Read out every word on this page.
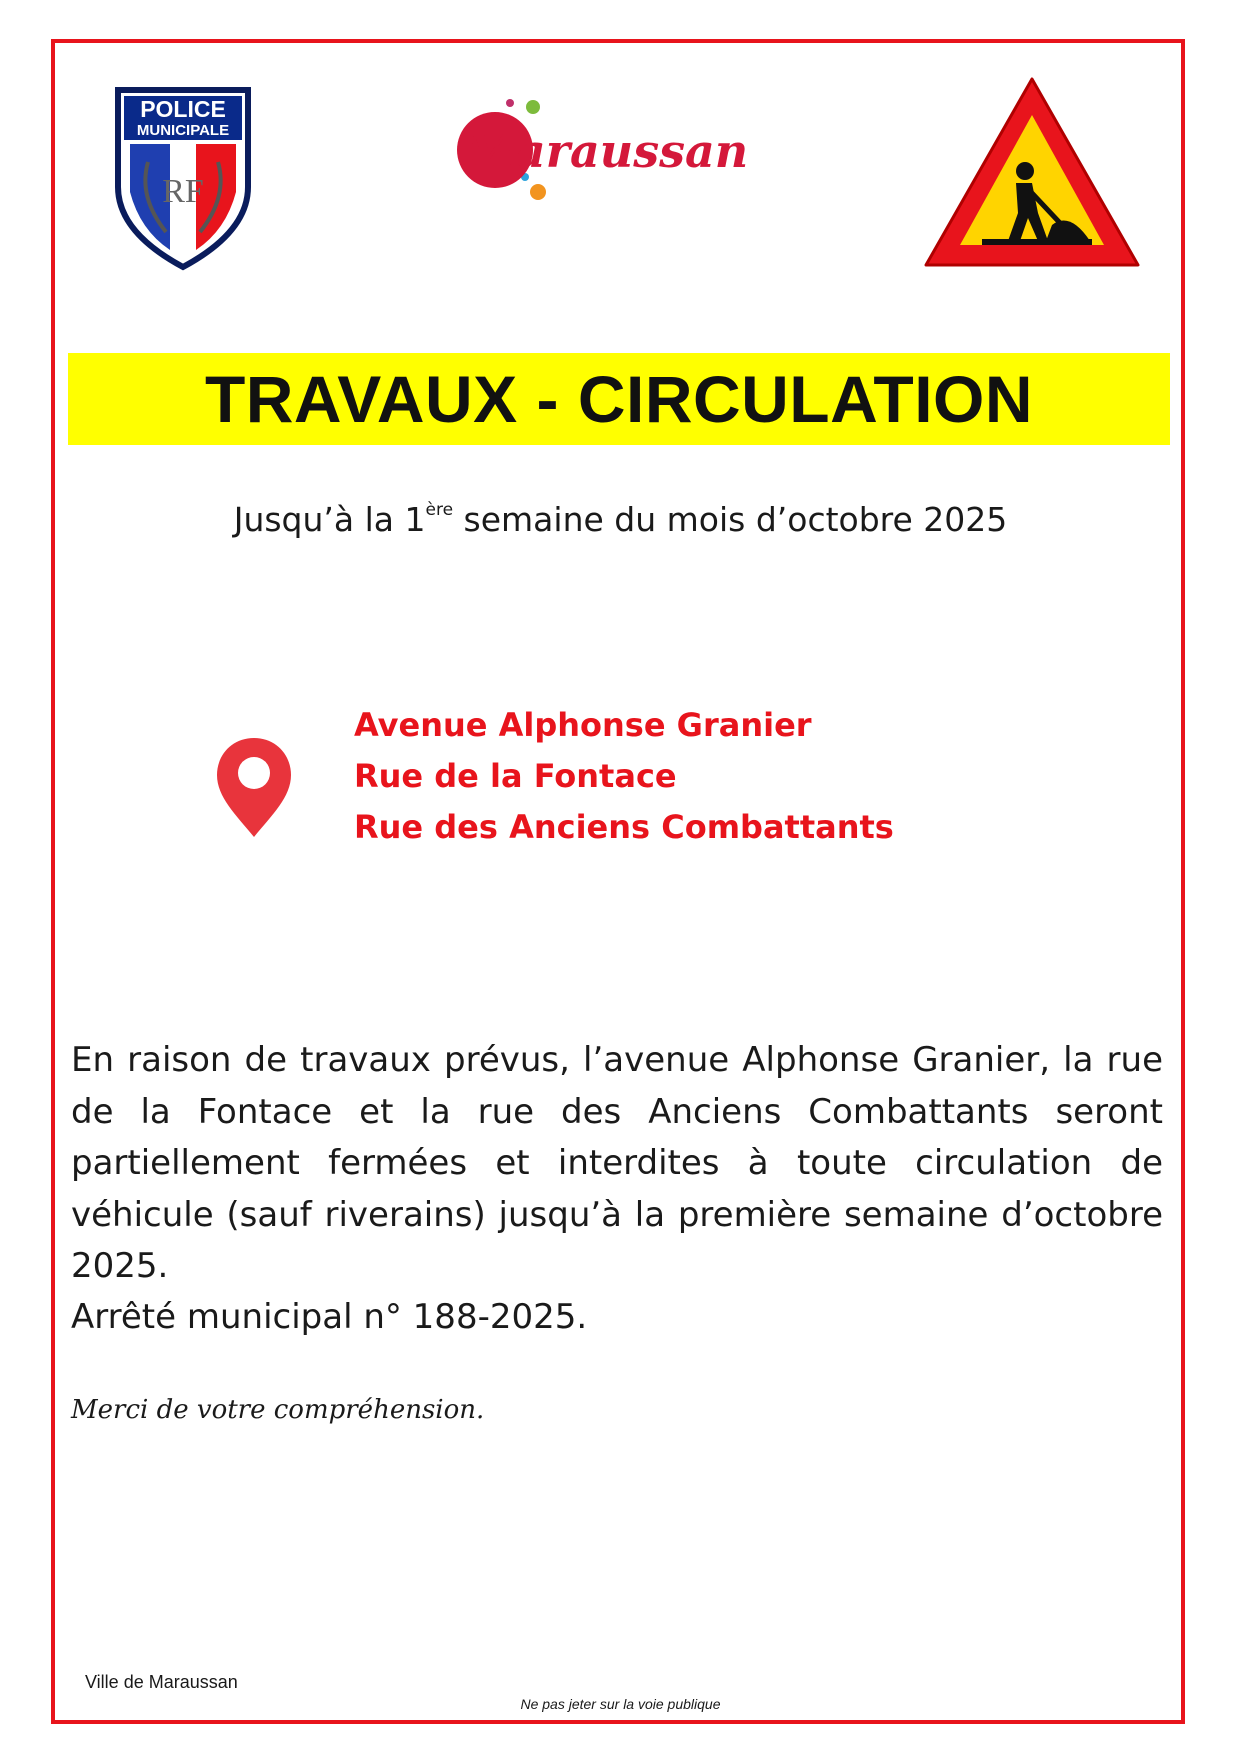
POLICE
MUNICIPALE
RF
Maraussan
TRAVAUX - CIRCULATION
Jusqu’à la 1ère semaine du mois d’octobre 2025

Avenue Alphonse Granier

Rue de la Fontace

Rue des Anciens Combattants

En raison de travaux prévus, l’avenue Alphonse Granier, la rue de la Fontace et la rue des Anciens Combattants seront partiellement fermées et interdites à toute circulation de véhicule (sauf riverains) jusqu’à la première semaine d’octobre 2025.

Arrêté municipal n° 188-2025.

Merci de votre compréhension.

Ville de Maraussan

Ne pas jeter sur la voie publique
